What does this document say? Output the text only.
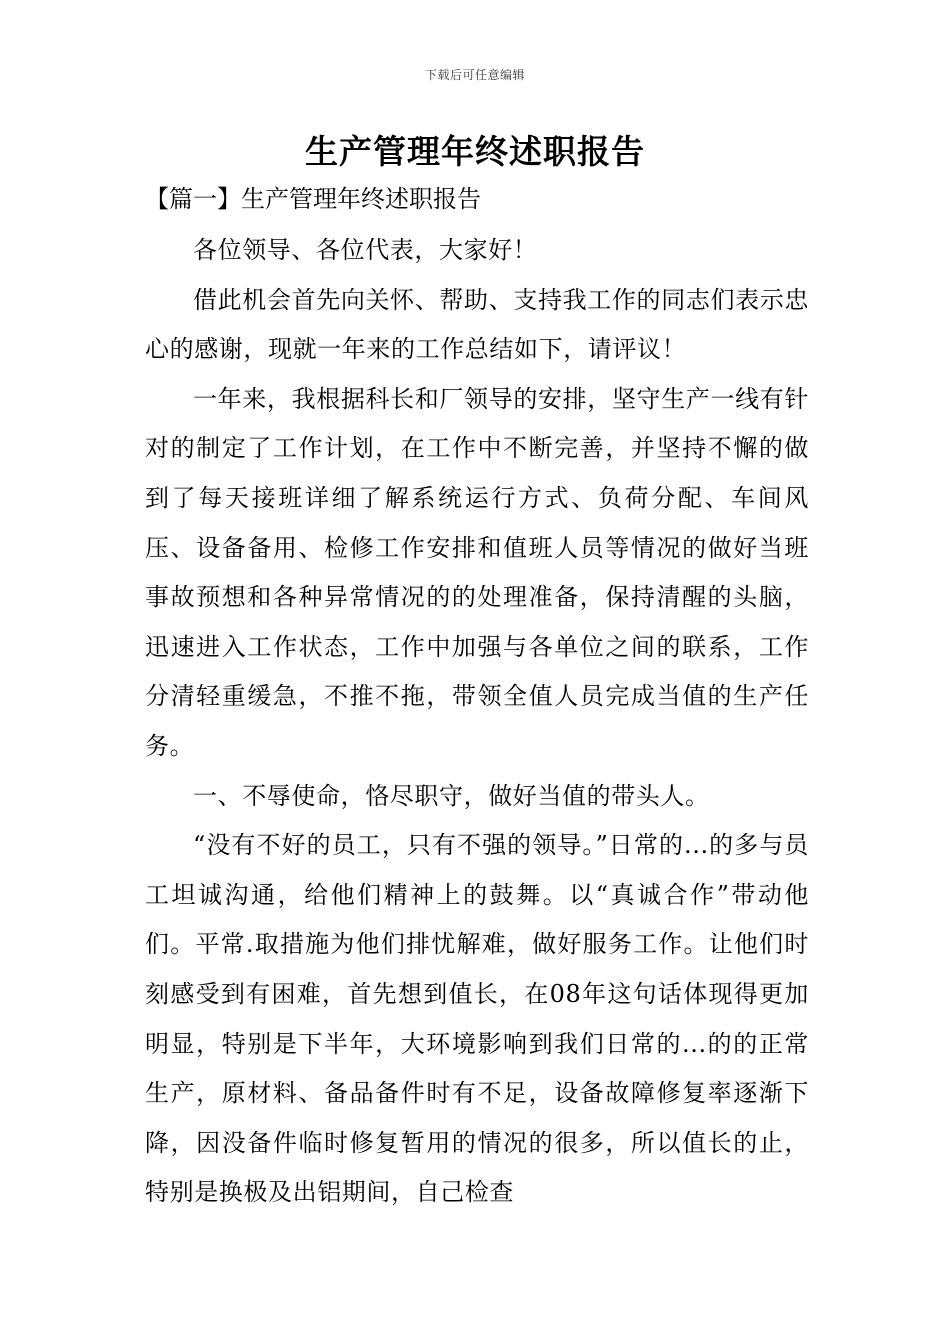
下载后可任意编辑
生产管理年终述职报告
【篇一】生产管理年终述职报告

各位领导、各位代表，大家好！

借此机会首先向关怀、帮助、支持我工作的同志们表示忠心的感谢，现就一年来的工作总结如下，请评议！

一年来，我根据科长和厂领导的安排，坚守生产一线有针对的制定了工作计划，在工作中不断完善，并坚持不懈的做到了每天接班详细了解系统运行方式、负荷分配、车间风压、设备备用、检修工作安排和值班人员等情况的做好当班事故预想和各种异常情况的的处理准备，保持清醒的头脑，迅速进入工作状态，工作中加强与各单位之间的联系，工作分清轻重缓急，不推不拖，带领全值人员完成当值的生产任务。

一、不辱使命，恪尽职守，做好当值的带头人。

“没有不好的员工，只有不强的领导。”日常的...的多与员工坦诚沟通，给他们精神上的鼓舞。以“真诚合作”带动他们。平常.取措施为他们排忧解难，做好服务工作。让他们时刻感受到有困难，首先想到值长，在08年这句话体现得更加明显，特别是下半年，大环境影响到我们日常的...的的正常生产，原材料、备品备件时有不足，设备故障修复率逐渐下降，因没备件临时修复暂用的情况的很多，所以值长的止，特别是换极及出铝期间，自己检查
